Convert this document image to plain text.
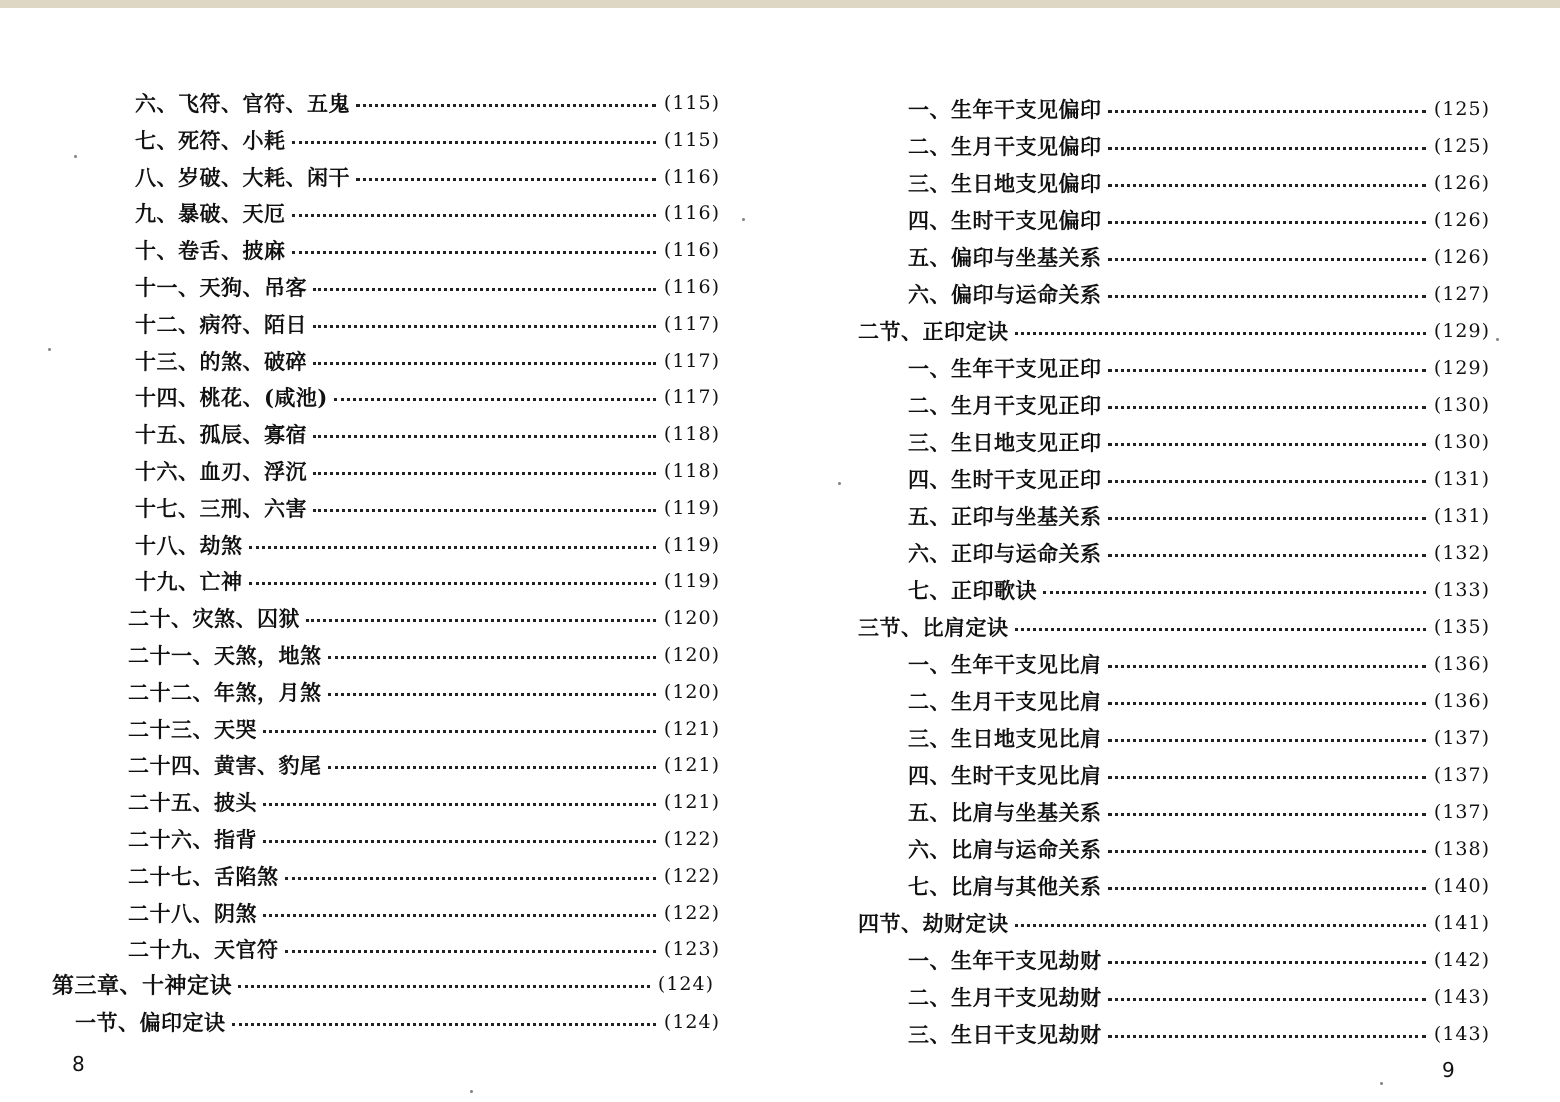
六、飞符、官符、五鬼	(115)
七、死符、小耗	(115)
八、岁破、大耗、闲干	(116)
九、暴破、天厄	(116)
十、卷舌、披麻	(116)
十一、天狗、吊客	(116)
十二、病符、陌日	(117)
十三、的煞、破碎	(117)
十四、桃花、(咸池)	(117)
十五、孤辰、寡宿	(118)
十六、血刃、浮沉	(118)
十七、三刑、六害	(119)
十八、劫煞	(119)
十九、亡神	(119)
二十、灾煞、囚狱	(120)
二十一、天煞，地煞	(120)
二十二、年煞，月煞	(120)
二十三、天哭	(121)
二十四、黄害、豹尾	(121)
二十五、披头	(121)
二十六、指背	(122)
二十七、舌陷煞	(122)
二十八、阴煞	(122)
二十九、天官符	(123)
第三章、十神定诀	(124)
一节、偏印定诀	(124)
8
一、生年干支见偏印	(125)
二、生月干支见偏印	(125)
三、生日地支见偏印	(126)
四、生时干支见偏印	(126)
五、偏印与坐基关系	(126)
六、偏印与运命关系	(127)
二节、正印定诀	(129)
一、生年干支见正印	(129)
二、生月干支见正印	(130)
三、生日地支见正印	(130)
四、生时干支见正印	(131)
五、正印与坐基关系	(131)
六、正印与运命关系	(132)
七、正印歌诀	(133)
三节、比肩定诀	(135)
一、生年干支见比肩	(136)
二、生月干支见比肩	(136)
三、生日地支见比肩	(137)
四、生时干支见比肩	(137)
五、比肩与坐基关系	(137)
六、比肩与运命关系	(138)
七、比肩与其他关系	(140)
四节、劫财定诀	(141)
一、生年干支见劫财	(142)
二、生月干支见劫财	(143)
三、生日干支见劫财	(143)
9
